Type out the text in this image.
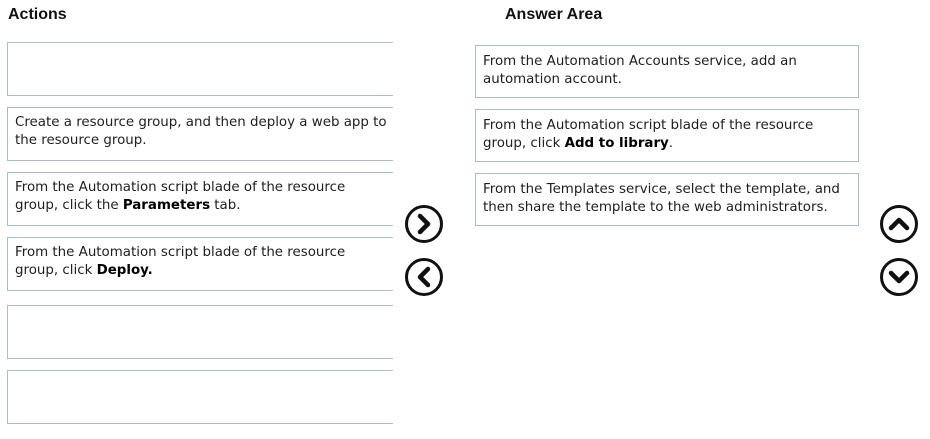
Actions	Answer Area
Create a resource group, and then deploy a web app to the resource group.
From the Automation script blade of the resource group, click the Parameters tab.
From the Automation script blade of the resource group, click Deploy.
From the Automation Accounts service, add an automation account.
From the Automation script blade of the resource group, click Add to library.
From the Templates service, select the template, and then share the template to the web administrators.
